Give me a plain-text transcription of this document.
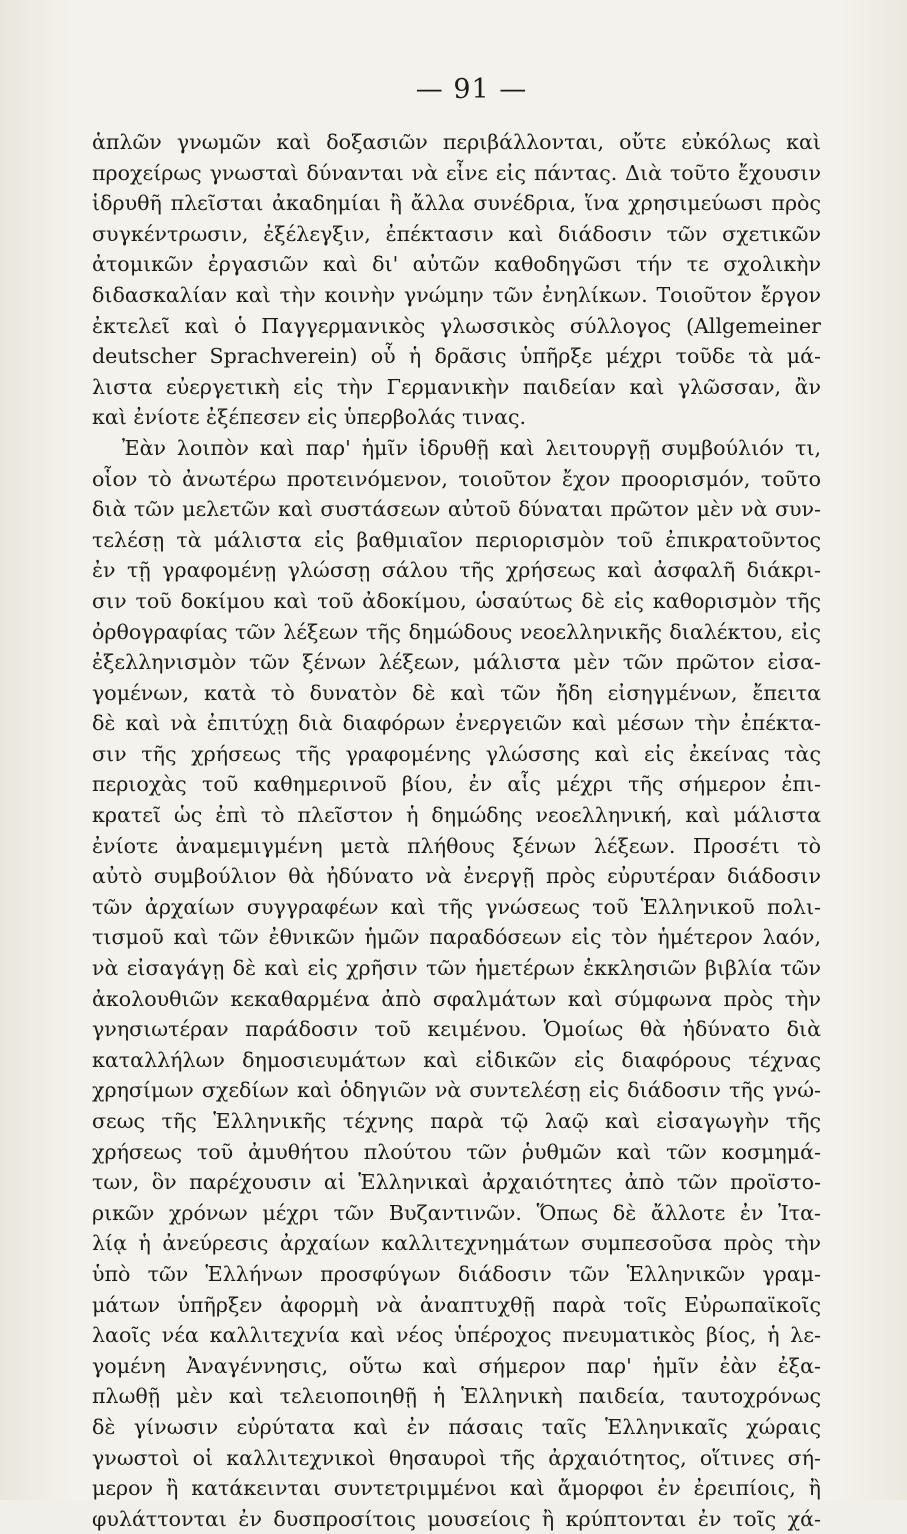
— 91 —

ἁπλῶν γνωμῶν καὶ δοξασιῶν περιβάλλονται, οὔτε εὐκόλως καὶ

προχείρως γνωσταὶ δύνανται νὰ εἶνε εἰς πάντας. Διὰ τοῦτο ἔχουσιν

ἱδρυθῆ πλεῖσται ἀκαδημίαι ἢ ἄλλα συνέδρια, ἵνα χρησιμεύωσι πρὸς

συγκέντρωσιν, ἐξέλεγξιν, ἐπέκτασιν καὶ διάδοσιν τῶν σχετικῶν

ἀτομικῶν ἐργασιῶν καὶ δι' αὐτῶν καθοδηγῶσι τήν τε σχολικὴν

διδασκαλίαν καὶ τὴν κοινὴν γνώμην τῶν ἐνηλίκων. Τοιοῦτον ἔργον

ἐκτελεῖ καὶ ὁ Παγγερμανικὸς γλωσσικὸς σύλλογος (Allgemeiner

deutscher Sprachverein) οὗ ἡ δρᾶσις ὑπῆρξε μέχρι τοῦδε τὰ μά-

λιστα εὐεργετικὴ εἰς τὴν Γερμανικὴν παιδείαν καὶ γλῶσσαν, ἂν

καὶ ἐνίοτε ἐξέπεσεν εἰς ὑπερβολάς τινας.

Ἐὰν λοιπὸν καὶ παρ' ἡμῖν ἱδρυθῇ καὶ λειτουργῇ συμβούλιόν τι,

οἷον τὸ ἀνωτέρω προτεινόμενον, τοιοῦτον ἔχον προορισμόν, τοῦτο

διὰ τῶν μελετῶν καὶ συστάσεων αὐτοῦ δύναται πρῶτον μὲν νὰ συν-

τελέσῃ τὰ μάλιστα εἰς βαθμιαῖον περιορισμὸν τοῦ ἐπικρατοῦντος

ἐν τῇ γραφομένῃ γλώσσῃ σάλου τῆς χρήσεως καὶ ἀσφαλῆ διάκρι-

σιν τοῦ δοκίμου καὶ τοῦ ἀδοκίμου, ὡσαύτως δὲ εἰς καθορισμὸν τῆς

ὀρθογραφίας τῶν λέξεων τῆς δημώδους νεοελληνικῆς διαλέκτου, εἰς

ἐξελληνισμὸν τῶν ξένων λέξεων, μάλιστα μὲν τῶν πρῶτον εἰσα-

γομένων, κατὰ τὸ δυνατὸν δὲ καὶ τῶν ἤδη εἰσηγμένων, ἔπειτα

δὲ καὶ νὰ ἐπιτύχῃ διὰ διαφόρων ἐνεργειῶν καὶ μέσων τὴν ἐπέκτα-

σιν τῆς χρήσεως τῆς γραφομένης γλώσσης καὶ εἰς ἐκείνας τὰς

περιοχὰς τοῦ καθημερινοῦ βίου, ἐν αἷς μέχρι τῆς σήμερον ἐπι-

κρατεῖ ὡς ἐπὶ τὸ πλεῖστον ἡ δημώδης νεοελληνική, καὶ μάλιστα

ἐνίοτε ἀναμεμιγμένη μετὰ πλήθους ξένων λέξεων. Προσέτι τὸ

αὐτὸ συμβούλιον θὰ ἠδύνατο νὰ ἐνεργῇ πρὸς εὐρυτέραν διάδοσιν

τῶν ἀρχαίων συγγραφέων καὶ τῆς γνώσεως τοῦ Ἑλληνικοῦ πολι-

τισμοῦ καὶ τῶν ἐθνικῶν ἡμῶν παραδόσεων εἰς τὸν ἡμέτερον λαόν,

νὰ εἰσαγάγῃ δὲ καὶ εἰς χρῆσιν τῶν ἡμετέρων ἐκκλησιῶν βιβλία τῶν

ἀκολουθιῶν κεκαθαρμένα ἀπὸ σφαλμάτων καὶ σύμφωνα πρὸς τὴν

γνησιωτέραν παράδοσιν τοῦ κειμένου. Ὁμοίως θὰ ἠδύνατο διὰ

καταλλήλων δημοσιευμάτων καὶ εἰδικῶν εἰς διαφόρους τέχνας

χρησίμων σχεδίων καὶ ὁδηγιῶν νὰ συντελέσῃ εἰς διάδοσιν τῆς γνώ-

σεως τῆς Ἑλληνικῆς τέχνης παρὰ τῷ λαῷ καὶ εἰσαγωγὴν τῆς

χρήσεως τοῦ ἀμυθήτου πλούτου τῶν ῥυθμῶν καὶ τῶν κοσμημά-

των, ὃν παρέχουσιν αἱ Ἑλληνικαὶ ἀρχαιότητες ἀπὸ τῶν προϊστο-

ρικῶν χρόνων μέχρι τῶν Βυζαντινῶν. Ὅπως δὲ ἄλλοτε ἐν Ἰτα-

λίᾳ ἡ ἀνεύρεσις ἀρχαίων καλλιτεχνημάτων συμπεσοῦσα πρὸς τὴν

ὑπὸ τῶν Ἑλλήνων προσφύγων διάδοσιν τῶν Ἑλληνικῶν γραμ-

μάτων ὑπῆρξεν ἀφορμὴ νὰ ἀναπτυχθῇ παρὰ τοῖς Εὐρωπαϊκοῖς

λαοῖς νέα καλλιτεχνία καὶ νέος ὑπέροχος πνευματικὸς βίος, ἡ λε-

γομένη Ἀναγέννησις, οὕτω καὶ σήμερον παρ' ἡμῖν ἐὰν ἐξα-

πλωθῇ μὲν καὶ τελειοποιηθῇ ἡ Ἑλληνικὴ παιδεία, ταυτοχρόνως

δὲ γίνωσιν εὐρύτατα καὶ ἐν πάσαις ταῖς Ἑλληνικαῖς χώραις

γνωστοὶ οἱ καλλιτεχνικοὶ θησαυροὶ τῆς ἀρχαιότητος, οἵτινες σή-

μερον ἢ κατάκεινται συντετριμμένοι καὶ ἄμορφοι ἐν ἐρειπίοις, ἢ

φυλάττονται ἐν δυσπροσίτοις μουσείοις ἢ κρύπτονται ἐν τοῖς χά-
